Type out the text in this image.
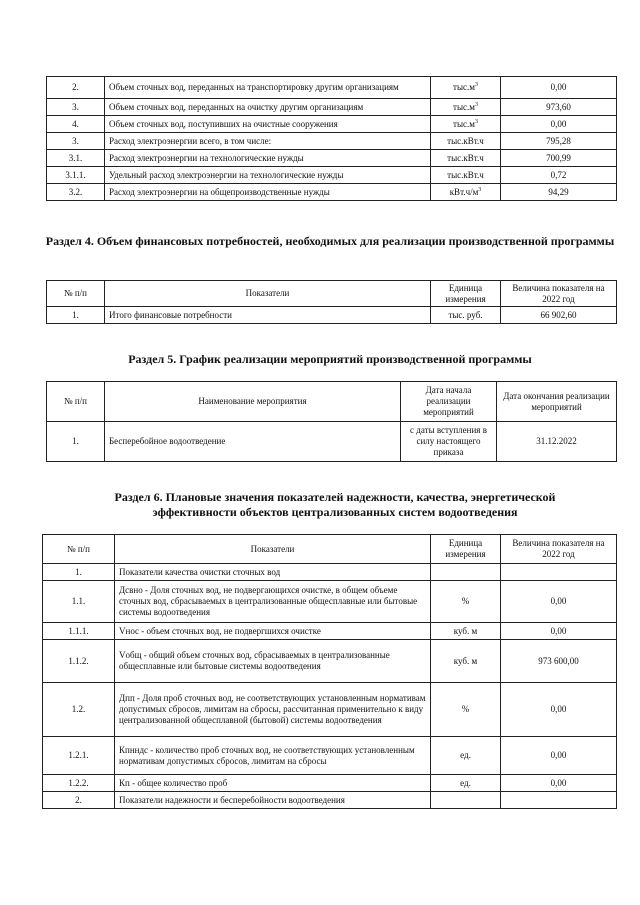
2.	Объем сточных вод, переданных на транспортировку другим организациям	$тыс.м^3$	0,00
3.	Объем сточных вод, переданных на очистку другим организациям	$тыс.м^3$	973,60
4.	Объем сточных вод, поступивших на очистные сооружения	$тыс.м^3$	0,00
3.	Расход электроэнергии всего, в том числе:	тыс.кВт.ч	795,28
3.1.	Расход электроэнергии на технологические нужды	тыс.кВт.ч	700,99
3.1.1.	Удельный расход электроэнергии на технологические нужды	тыс.кВт.ч	0,72
3.2.	Расход электроэнергии на общепроизводственные нужды	$кВт.ч/м^3$	94,29
Раздел 4. Объем финансовых потребностей, необходимых для реализации производственной программы
№ п/п	Показатели	Единица измерения	Величина показателя на 2022 год
1.	Итого финансовые потребности	тыс. руб.	66 902,60
Раздел 5. График реализации мероприятий производственной программы
№ п/п	Наименование мероприятия	Дата начала реализации мероприятий	Дата окончания реализации мероприятий
1.	Бесперебойное водоотведение	с даты вступления в силу настоящего приказа	31.12.2022
Раздел 6. Плановые значения показателей надежности, качества, энергетической эффективности объектов централизованных систем водоотведения
№ п/п	Показатели	Единица измерения	Величина показателя на 2022 год
1.	Показатели качества очистки сточных вод		
1.1.	Дсвно - Доля сточных вод, не подвергающихся очистке, в общем объеме сточных вод, сбрасываемых в централизованные общесплавные или бытовые системы водоотведения	%	0,00
1.1.1.	Vнос - объем сточных вод, не подвергшихся очистке	куб. м	0,00
1.1.2.	Vобщ - общий объем сточных вод, сбрасываемых в централизованные общесплавные или бытовые системы водоотведения	куб. м	973 600,00
1.2.	Дпп - Доля проб сточных вод, не соответствующих установленным нормативам допустимых сбросов, лимитам на сбросы, рассчитанная применительно к виду централизованной общесплавной (бытовой) системы водоотведения	%	0,00
1.2.1.	Кпнндс - количество проб сточных вод, не соответствующих установленным нормативам допустимых сбросов, лимитам на сбросы	ед.	0,00
1.2.2.	Кп - общее количество проб	ед.	0,00
2.	Показатели надежности и бесперебойности водоотведения		
